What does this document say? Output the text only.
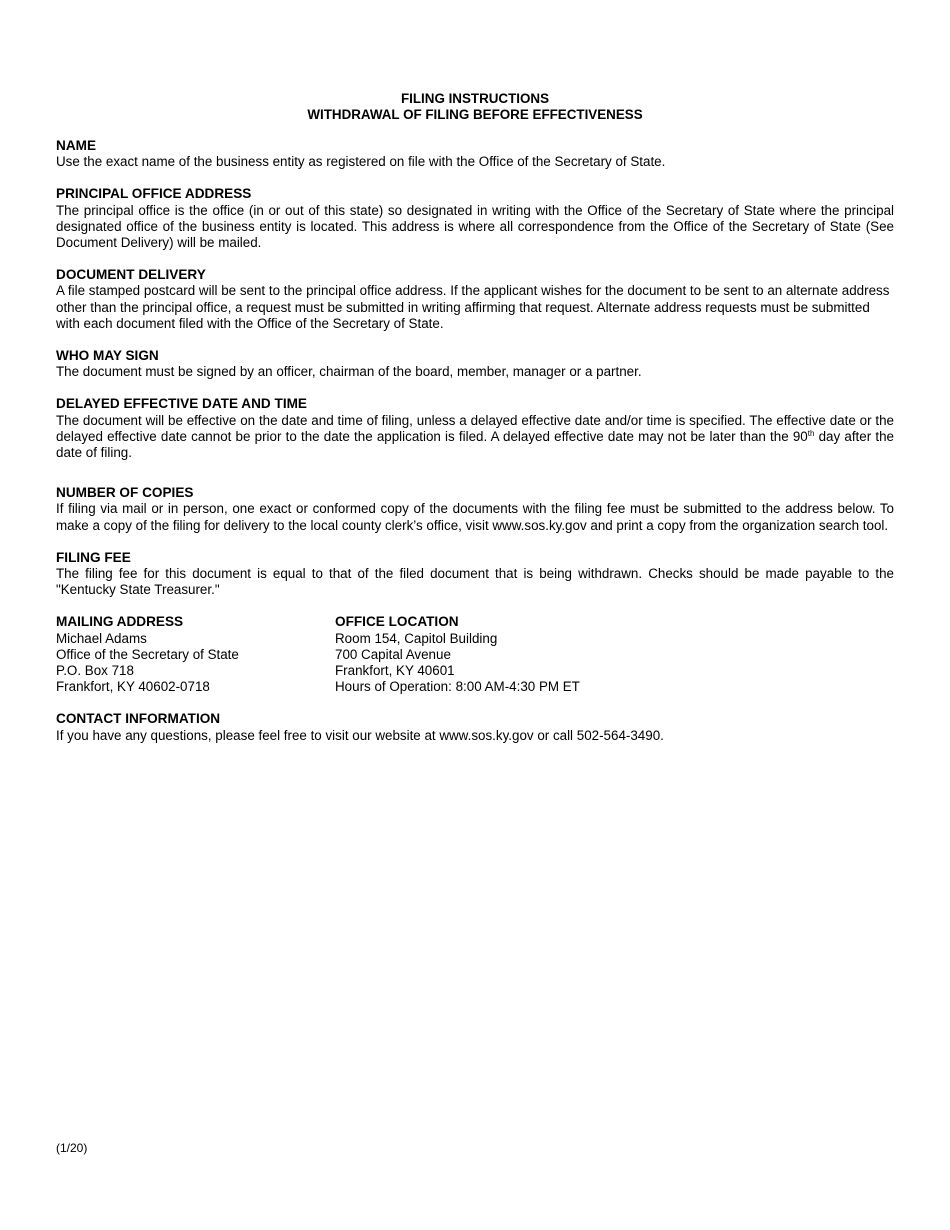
FILING INSTRUCTIONS
WITHDRAWAL OF FILING BEFORE EFFECTIVENESS
NAME
Use the exact name of the business entity as registered on file with the Office of the Secretary of State.
PRINCIPAL OFFICE ADDRESS
The principal office is the office (in or out of this state) so designated in writing with the Office of the Secretary of State where the principal designated office of the business entity is located. This address is where all correspondence from the Office of the Secretary of State (See Document Delivery) will be mailed.
DOCUMENT DELIVERY
A file stamped postcard will be sent to the principal office address. If the applicant wishes for the document to be sent to an alternate address other than the principal office, a request must be submitted in writing affirming that request. Alternate address requests must be submitted with each document filed with the Office of the Secretary of State.
WHO MAY SIGN
The document must be signed by an officer, chairman of the board, member, manager or a partner.
DELAYED EFFECTIVE DATE AND TIME
The document will be effective on the date and time of filing, unless a delayed effective date and/or time is specified. The effective date or the delayed effective date cannot be prior to the date the application is filed. A delayed effective date may not be later than the 90th day after the date of filing.
NUMBER OF COPIES
If filing via mail or in person, one exact or conformed copy of the documents with the filing fee must be submitted to the address below. To make a copy of the filing for delivery to the local county clerk’s office, visit www.sos.ky.gov and print a copy from the organization search tool.
FILING FEE
The filing fee for this document is equal to that of the filed document that is being withdrawn. Checks should be made payable to the "Kentucky State Treasurer."
MAILING ADDRESS
Michael Adams
Office of the Secretary of State
P.O. Box 718
Frankfort, KY 40602-0718
OFFICE LOCATION
Room 154, Capitol Building
700 Capital Avenue
Frankfort, KY 40601
Hours of Operation: 8:00 AM-4:30 PM ET
CONTACT INFORMATION
If you have any questions, please feel free to visit our website at www.sos.ky.gov or call 502-564-3490.
(1/20)
